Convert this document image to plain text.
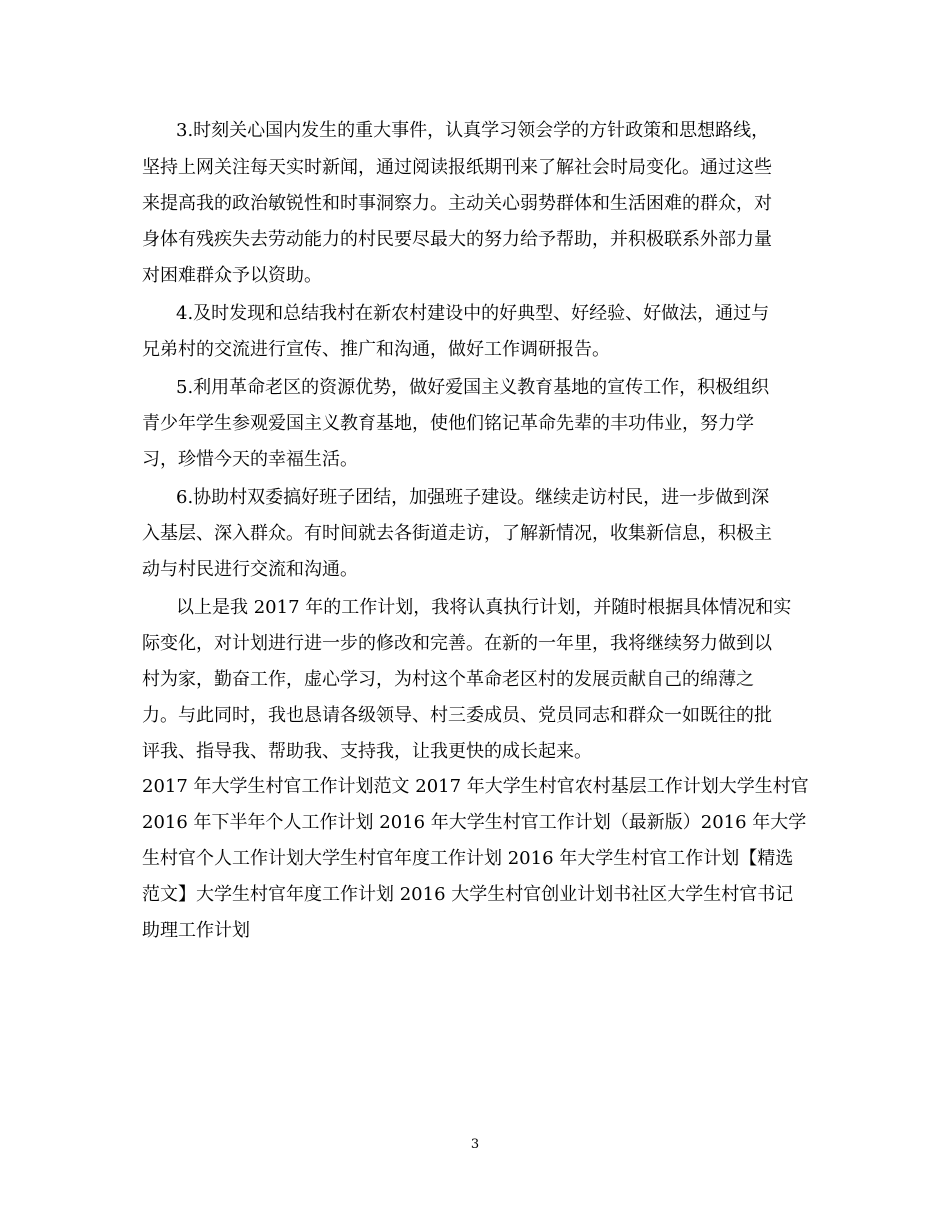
3.时刻关心国内发生的重大事件，认真学习领会学的方针政策和思想路线，
坚持上网关注每天实时新闻，通过阅读报纸期刊来了解社会时局变化。通过这些
来提高我的政治敏锐性和时事洞察力。主动关心弱势群体和生活困难的群众，对
身体有残疾失去劳动能力的村民要尽最大的努力给予帮助，并积极联系外部力量
对困难群众予以资助。
4.及时发现和总结我村在新农村建设中的好典型、好经验、好做法，通过与
兄弟村的交流进行宣传、推广和沟通，做好工作调研报告。
5.利用革命老区的资源优势，做好爱国主义教育基地的宣传工作，积极组织
青少年学生参观爱国主义教育基地，使他们铭记革命先辈的丰功伟业，努力学
习，珍惜今天的幸福生活。
6.协助村双委搞好班子团结，加强班子建设。继续走访村民，进一步做到深
入基层、深入群众。有时间就去各街道走访，了解新情况，收集新信息，积极主
动与村民进行交流和沟通。
以上是我 2017 年的工作计划，我将认真执行计划，并随时根据具体情况和实
际变化，对计划进行进一步的修改和完善。在新的一年里，我将继续努力做到以
村为家，勤奋工作，虚心学习，为村这个革命老区村的发展贡献自己的绵薄之
力。与此同时，我也恳请各级领导、村三委成员、党员同志和群众一如既往的批
评我、指导我、帮助我、支持我，让我更快的成长起来。
2017 年大学生村官工作计划范文 2017 年大学生村官农村基层工作计划大学生村官
2016 年下半年个人工作计划 2016 年大学生村官工作计划（最新版）2016 年大学
生村官个人工作计划大学生村官年度工作计划 2016 年大学生村官工作计划【精选
范文】大学生村官年度工作计划 2016 大学生村官创业计划书社区大学生村官书记
助理工作计划
3
